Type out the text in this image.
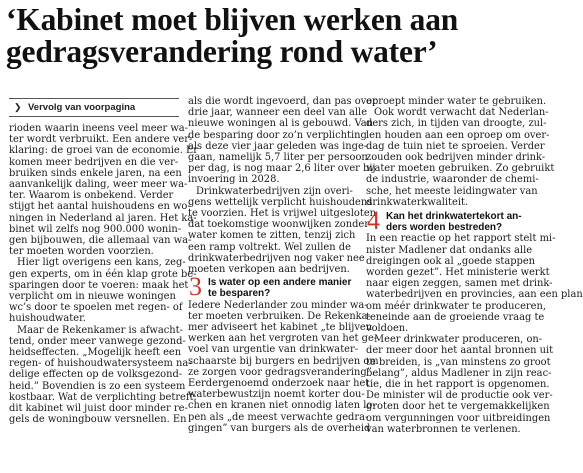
‘Kabinet moet blijven werken aan
gedragsverandering rond water’
❯ Vervolg van voorpagina
rioden waarin ineens veel meer wa-
ter wordt verbruikt. Een andere ver-
klaring: de groei van de economie. Er
komen meer bedrijven en die ver-
bruiken sinds enkele jaren, na een
aanvankelijk daling, weer meer wa-
ter. Waarom is onbekend. Verder
stijgt het aantal huishoudens en wo-
ningen in Nederland al jaren. Het ka-
binet wil zelfs nog 900.000 wonin-
gen bijbouwen, die allemaal van wa-
ter moeten worden voorzien.
Hier ligt overigens een kans, zeg-
gen experts, om in één klap grote be-
sparingen door te voeren: maak het
verplicht om in nieuwe woningen
wc’s door te spoelen met regen- of
huishoudwater.
Maar de Rekenkamer is afwacht-
tend, onder meer vanwege gezond-
heidseffecten. „Mogelijk heeft een
regen- of huishoudwatersysteem na-
delige effecten op de volksgezond-
heid.” Bovendien is zo een systeem
kostbaar. Wat de verplichting betreft:
dit kabinet wil juist door minder re-
gels de woningbouw versnellen. En
als die wordt ingevoerd, dan pas over
drie jaar, wanneer een deel van alle
nieuwe woningen al is gebouwd. Van
de besparing door zo’n verplichting
als deze vier jaar geleden was inge-
gaan, namelijk 5,7 liter per persoon
per dag, is nog maar 2,6 liter over bij
invoering in 2028.
Drinkwaterbedrijven zijn overi-
gens wettelijk verplicht huishoudens
te voorzien. Het is vrijwel uitgesloten
dat toekomstige woonwijken zonder
water komen te zitten, tenzij zich
een ramp voltrekt. Wel zullen de
drinkwaterbedrijven nog vaker nee
moeten verkopen aan bedrijven.
3 Is water op een andere manier
te besparen?
Iedere Nederlander zou minder wa-
ter moeten verbruiken. De Rekenka-
mer adviseert het kabinet „te blijven
werken aan het vergroten van het ge-
voel van urgentie van drinkwater-
schaarste bij burgers en bedrijven om
ze zorgen voor gedragsverandering”.
Eerdergenoemd onderzoek naar het
waterbewustzijn noemt korter dou-
chen en kranen niet onnodig laten lo-
pen als „de meest verwachte gedra-
gingen” van burgers als de overheid
oproept minder water te gebruiken.
Ook wordt verwacht dat Nederlan-
ders zich, in tijden van droogte, zul-
len houden aan een oproep om over-
dag de tuin niet te sproeien. Verder
zouden ook bedrijven minder drink-
water moeten gebruiken. Zo gebruikt
de industrie, waaronder de chemi-
sche, het meeste leidingwater van
drinkwaterkwaliteit.
4 Kan het drinkwatertekort an-
ders worden bestreden?
In een reactie op het rapport stelt mi-
nister Madlener dat ondanks alle
dreigingen ook al „goede stappen
worden gezet”. Het ministerie werkt
naar eigen zeggen, samen met drink-
waterbedrijven en provincies, aan een plan
om méér drinkwater te produceren,
teneinde aan de groeiende vraag te
voldoen.
Meer drinkwater produceren, on-
der meer door het aantal bronnen uit
te breiden, is „van minstens zo groot
belang”, aldus Madlener in zijn reac-
tie, die in het rapport is opgenomen.
De minister wil de productie ook ver-
groten door het te vergemakkelijken
om vergunningen voor uitbreidingen
van waterbronnen te verlenen.
